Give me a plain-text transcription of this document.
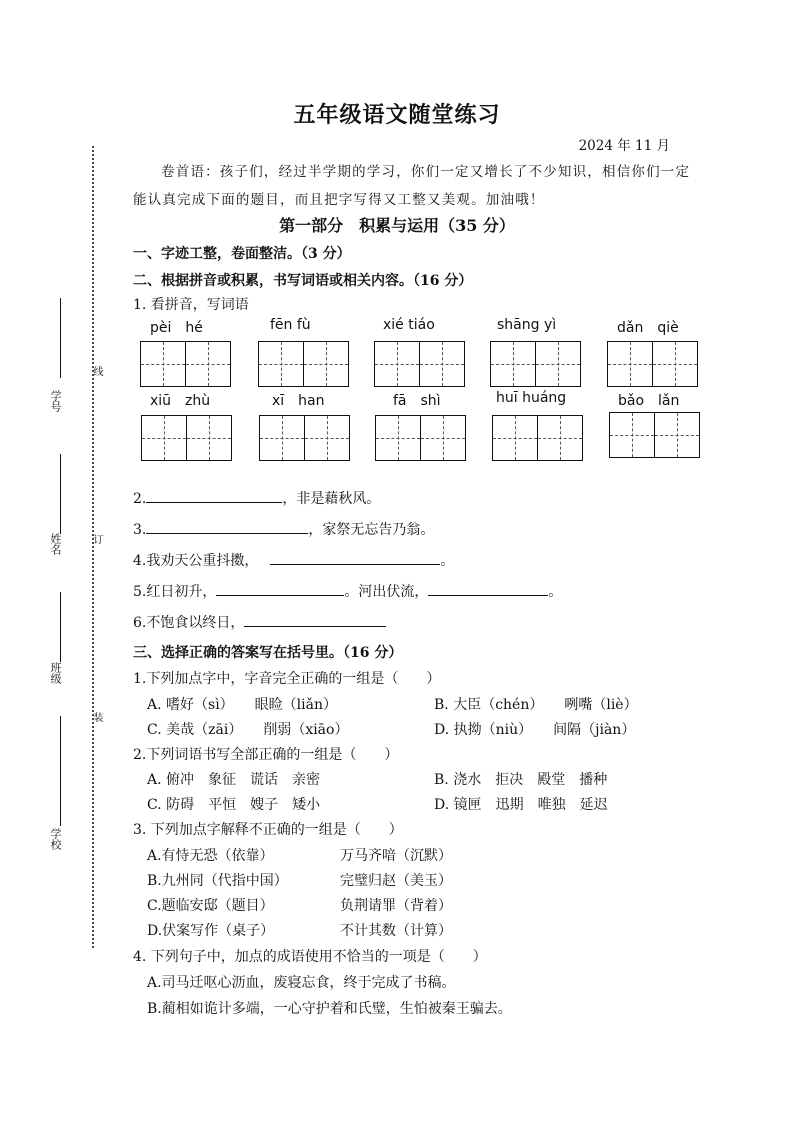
线
订
装
学号
姓名
班级
学校
五年级语文随堂练习
2024 年 11 月
卷首语：孩子们，经过半学期的学习，你们一定又增长了不少知识，相信你们一定能认真完成下面的题目，而且把字写得又工整又美观。加油哦！
第一部分　积累与运用（35 分）
一、字迹工整，卷面整洁。（3 分）
二、根据拼音或积累，书写词语或相关内容。（16 分）
1. 看拼音，写词语
pèi　hé	fēn fù	xié tiáo	shāng yì	dǎn　qiè
xiū　zhù	xī　han	fā　shì	huī huáng	bǎo　lǎn
2.	，非是藉秋风。
3.	，家祭无忘告乃翁。
4.我劝天公重抖擞，	。
5.红日初升，	。河出伏流，	。
6.不饱食以终日，
三、选择正确的答案写在括号里。（16 分）
1.下列加点字中，字音完全正确的一组是（　　）
A. 嗜好（sì）　　眼睑（liǎn）	B. 大臣（chén）　　咧嘴（liè）
C. 美哉（zāi）　　削弱（xiāo）	D. 执拗（niù）　　间隔（jiàn）
2.下列词语书写全部正确的一组是（　　）
A. 俯冲　象征　谎话　亲密	B. 浇水　拒决　殿堂　播种
C. 防碍　平恒　嫂子　矮小	D. 镜匣　迅期　唯独　延迟
3. 下列加点字解释不正确的一组是（　　）
A.有恃无恐（依靠）	万马齐喑（沉默）
B.九州同（代指中国）	完璧归赵（美玉）
C.题临安邸（题目）	负荆请罪（背着）
D.伏案写作（桌子）	不计其数（计算）
4. 下列句子中，加点的成语使用不恰当的一项是（　　）
A.司马迁呕心沥血，废寝忘食，终于完成了书稿。
B.蔺相如诡计多端，一心守护着和氏璧，生怕被秦王骗去。
